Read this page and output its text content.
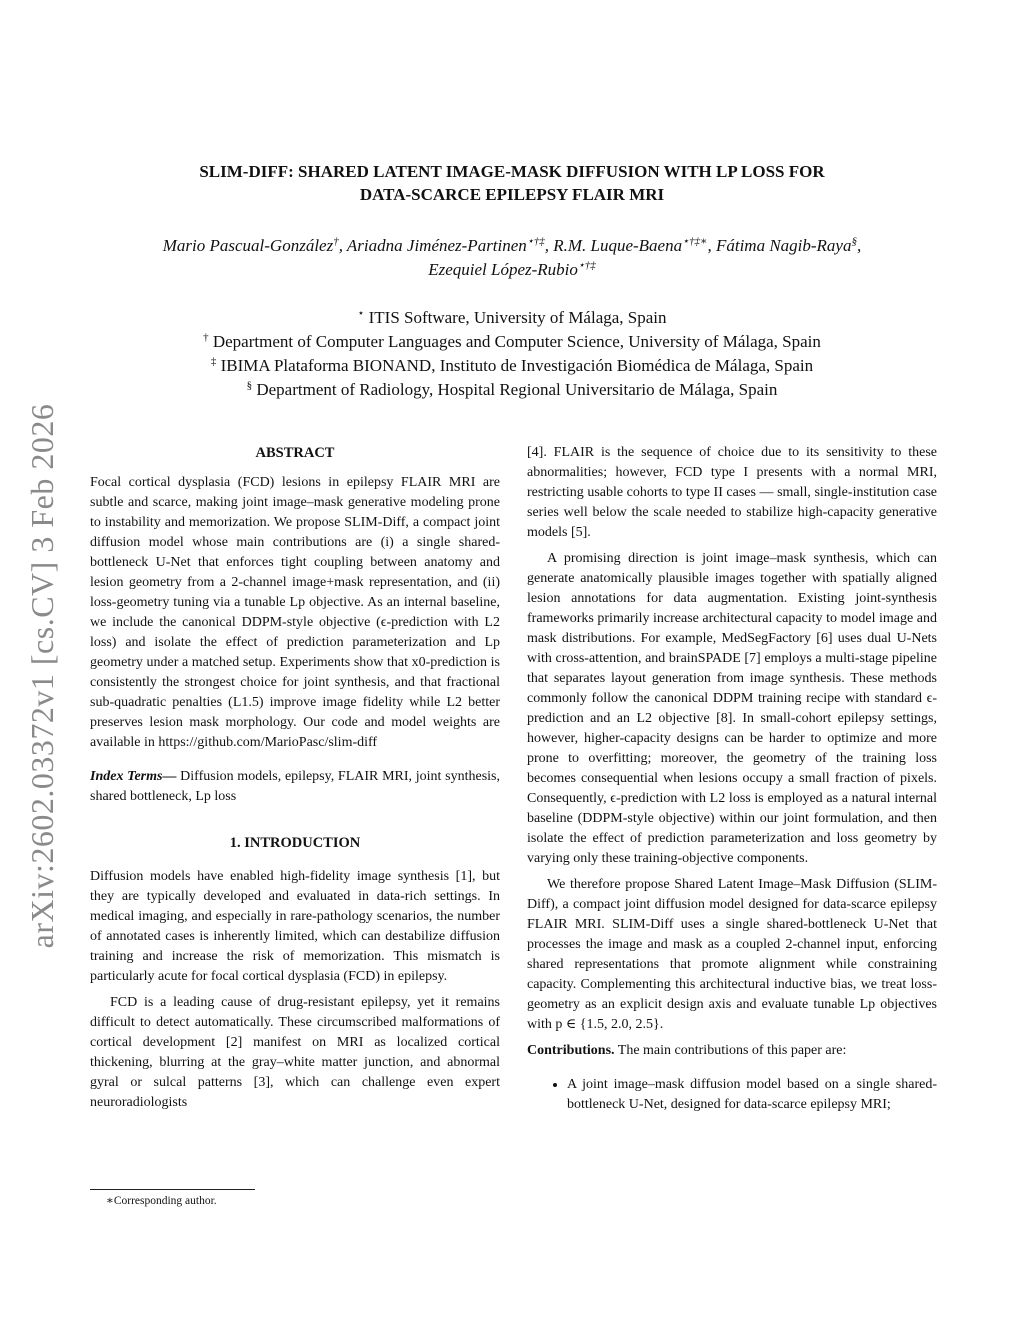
arXiv:2602.03372v1 [cs.CV] 3 Feb 2026
SLIM-DIFF: SHARED LATENT IMAGE-MASK DIFFUSION WITH LP LOSS FOR
DATA-SCARCE EPILEPSY FLAIR MRI
Mario Pascual-González†, Ariadna Jiménez-Partinen⋆†‡, R.M. Luque-Baena⋆†‡∗, Fátima Nagib-Raya§,
Ezequiel López-Rubio⋆†‡
⋆ ITIS Software, University of Málaga, Spain
† Department of Computer Languages and Computer Science, University of Málaga, Spain
‡ IBIMA Plataforma BIONAND, Instituto de Investigación Biomédica de Málaga, Spain
§ Department of Radiology, Hospital Regional Universitario de Málaga, Spain
ABSTRACT

Focal cortical dysplasia (FCD) lesions in epilepsy FLAIR MRI are subtle and scarce, making joint image–mask generative modeling prone to instability and memorization. We propose SLIM-Diff, a compact joint diffusion model whose main contributions are (i) a single shared-bottleneck U-Net that enforces tight coupling between anatomy and lesion geometry from a 2-channel image+mask representation, and (ii) loss-geometry tuning via a tunable Lp objective. As an internal baseline, we include the canonical DDPM-style objective (ϵ-prediction with L2 loss) and isolate the effect of prediction parameterization and Lp geometry under a matched setup. Experiments show that x0-prediction is consistently the strongest choice for joint synthesis, and that fractional sub-quadratic penalties (L1.5) improve image fidelity while L2 better preserves lesion mask morphology. Our code and model weights are available in https://github.com/MarioPasc/slim-diff

Index Terms— Diffusion models, epilepsy, FLAIR MRI, joint synthesis, shared bottleneck, Lp loss

1. INTRODUCTION

Diffusion models have enabled high-fidelity image synthesis [1], but they are typically developed and evaluated in data-rich settings. In medical imaging, and especially in rare-pathology scenarios, the number of annotated cases is inherently limited, which can destabilize diffusion training and increase the risk of memorization. This mismatch is particularly acute for focal cortical dysplasia (FCD) in epilepsy.

FCD is a leading cause of drug-resistant epilepsy, yet it remains difficult to detect automatically. These circumscribed malformations of cortical development [2] manifest on MRI as localized cortical thickening, blurring at the gray–white matter junction, and abnormal gyral or sulcal patterns [3], which can challenge even expert neuroradiologists

[4]. FLAIR is the sequence of choice due to its sensitivity to these abnormalities; however, FCD type I presents with a normal MRI, restricting usable cohorts to type II cases — small, single-institution case series well below the scale needed to stabilize high-capacity generative models [5].

A promising direction is joint image–mask synthesis, which can generate anatomically plausible images together with spatially aligned lesion annotations for data augmentation. Existing joint-synthesis frameworks primarily increase architectural capacity to model image and mask distributions. For example, MedSegFactory [6] uses dual U-Nets with cross-attention, and brainSPADE [7] employs a multi-stage pipeline that separates layout generation from image synthesis. These methods commonly follow the canonical DDPM training recipe with standard ϵ-prediction and an L2 objective [8]. In small-cohort epilepsy settings, however, higher-capacity designs can be harder to optimize and more prone to overfitting; moreover, the geometry of the training loss becomes consequential when lesions occupy a small fraction of pixels. Consequently, ϵ-prediction with L2 loss is employed as a natural internal baseline (DDPM-style objective) within our joint formulation, and then isolate the effect of prediction parameterization and loss geometry by varying only these training-objective components.

We therefore propose Shared Latent Image–Mask Diffusion (SLIM-Diff), a compact joint diffusion model designed for data-scarce epilepsy FLAIR MRI. SLIM-Diff uses a single shared-bottleneck U-Net that processes the image and mask as a coupled 2-channel input, enforcing shared representations that promote alignment while constraining capacity. Complementing this architectural inductive bias, we treat loss-geometry as an explicit design axis and evaluate tunable Lp objectives with p ∈ {1.5, 2.0, 2.5}.

Contributions. The main contributions of this paper are:

• A joint image–mask diffusion model based on a single shared-bottleneck U-Net, designed for data-scarce epilepsy MRI;
∗Corresponding author.
